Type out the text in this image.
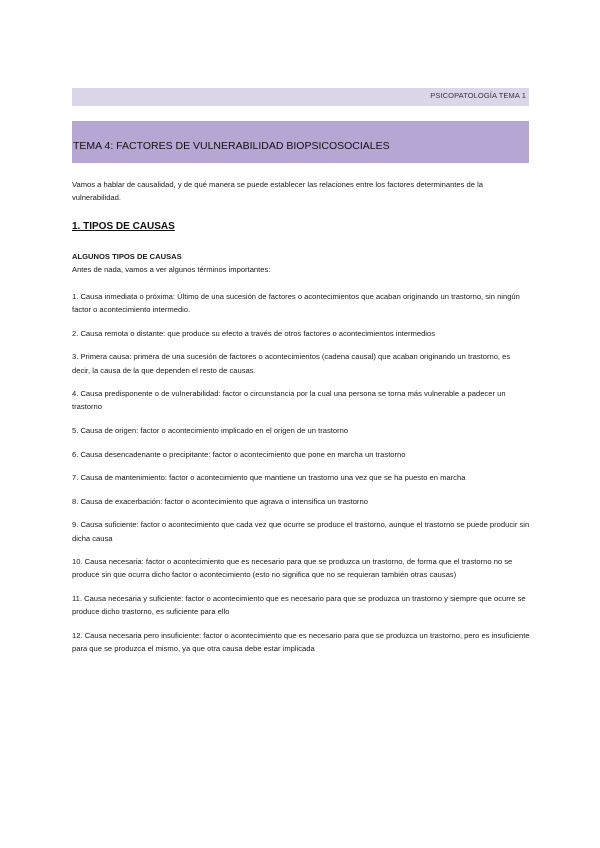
PSICOPATOLOGÍA TEMA 1
TEMA 4: FACTORES DE VULNERABILIDAD BIOPSICOSOCIALES
Vamos a hablar de causalidad, y de qué manera se puede establecer las relaciones entre los factores determinantes de la vulnerabilidad.
1. TIPOS DE CAUSAS
ALGUNOS TIPOS DE CAUSAS
Antes de nada, vamos a ver algunos términos importantes:

1. Causa inmediata o próxima: Último de una sucesión de factores o acontecimientos que acaban originando un trastorno, sin ningún factor o acontecimiento intermedio.

2. Causa remota o distante: que produce su efecto a través de otros factores o acontecimientos intermedios

3. Primera causa: primera de una sucesión de factores o acontecimientos (cadena causal) que acaban originando un trastorno, es decir, la causa de la que dependen el resto de causas.

4. Causa predisponente o de vulnerabilidad: factor o circunstancia por la cual una persona se torna más vulnerable a padecer un trastorno

5. Causa de origen: factor o acontecimiento implicado en el origen de un trastorno

6. Causa desencadenante o precipitante: factor o acontecimiento que pone en marcha un trastorno

7. Causa de mantenimiento: factor o acontecimiento que mantiene un trastorno una vez que se ha puesto en marcha

8. Causa de exacerbación: factor o acontecimiento que agrava o intensifica un trastorno

9. Causa suficiente: factor o acontecimiento que cada vez que ocurre se produce el trastorno, aunque el trastorno se puede producir sin dicha causa

10. Causa necesaria: factor o acontecimiento que es necesario para que se produzca un trastorno, de forma que el trastorno no se produce sin que ocurra dicho factor o acontecimiento (esto no significa que no se requieran también otras causas)

11. Causa necesaria y suficiente: factor o acontecimiento que es necesario para que se produzca un trastorno y siempre que ocurre se produce dicho trastorno, es suficiente para ello

12. Causa necesaria pero insuficiente: factor o acontecimiento que es necesario para que se produzca un trastorno, pero es insuficiente para que se produzca el mismo, ya que otra causa debe estar implicada
